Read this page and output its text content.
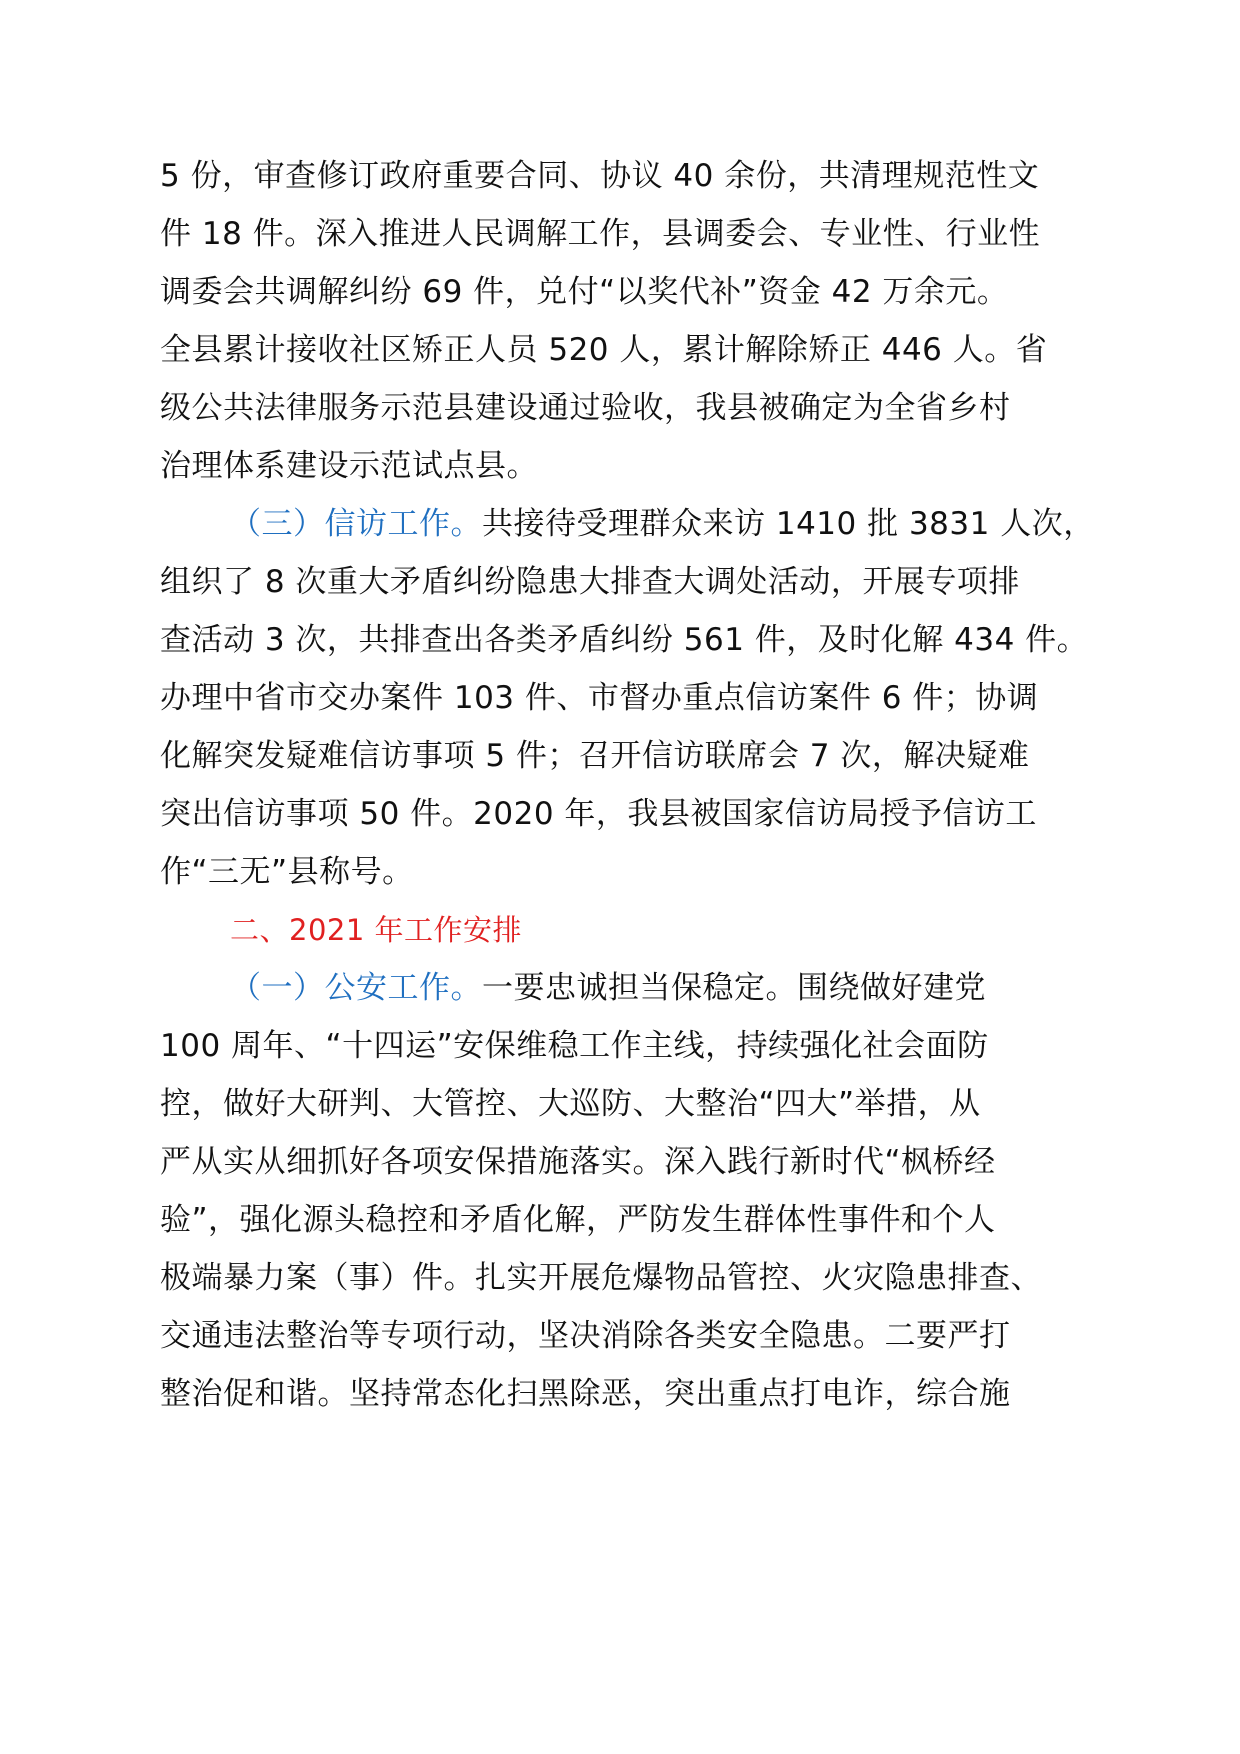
5 份，审查修订政府重要合同、协议 40 余份，共清理规范性文
件 18 件。深入推进人民调解工作，县调委会、专业性、行业性
调委会共调解纠纷 69 件，兑付“以奖代补”资金 42 万余元。
全县累计接收社区矫正人员 520 人，累计解除矫正 446 人。省
级公共法律服务示范县建设通过验收，我县被确定为全省乡村
治理体系建设示范试点县。
（三）信访工作。共接待受理群众来访 1410 批 3831 人次，
组织了 8 次重大矛盾纠纷隐患大排查大调处活动，开展专项排
查活动 3 次，共排查出各类矛盾纠纷 561 件，及时化解 434 件。
办理中省市交办案件 103 件、市督办重点信访案件 6 件；协调
化解突发疑难信访事项 5 件；召开信访联席会 7 次，解决疑难
突出信访事项 50 件。2020 年，我县被国家信访局授予信访工
作“三无”县称号。
二、2021 年工作安排
（一）公安工作。一要忠诚担当保稳定。围绕做好建党
100 周年、“十四运”安保维稳工作主线，持续强化社会面防
控，做好大研判、大管控、大巡防、大整治“四大”举措，从
严从实从细抓好各项安保措施落实。深入践行新时代“枫桥经
验”，强化源头稳控和矛盾化解，严防发生群体性事件和个人
极端暴力案（事）件。扎实开展危爆物品管控、火灾隐患排查、
交通违法整治等专项行动，坚决消除各类安全隐患。二要严打
整治促和谐。坚持常态化扫黑除恶，突出重点打电诈，综合施
